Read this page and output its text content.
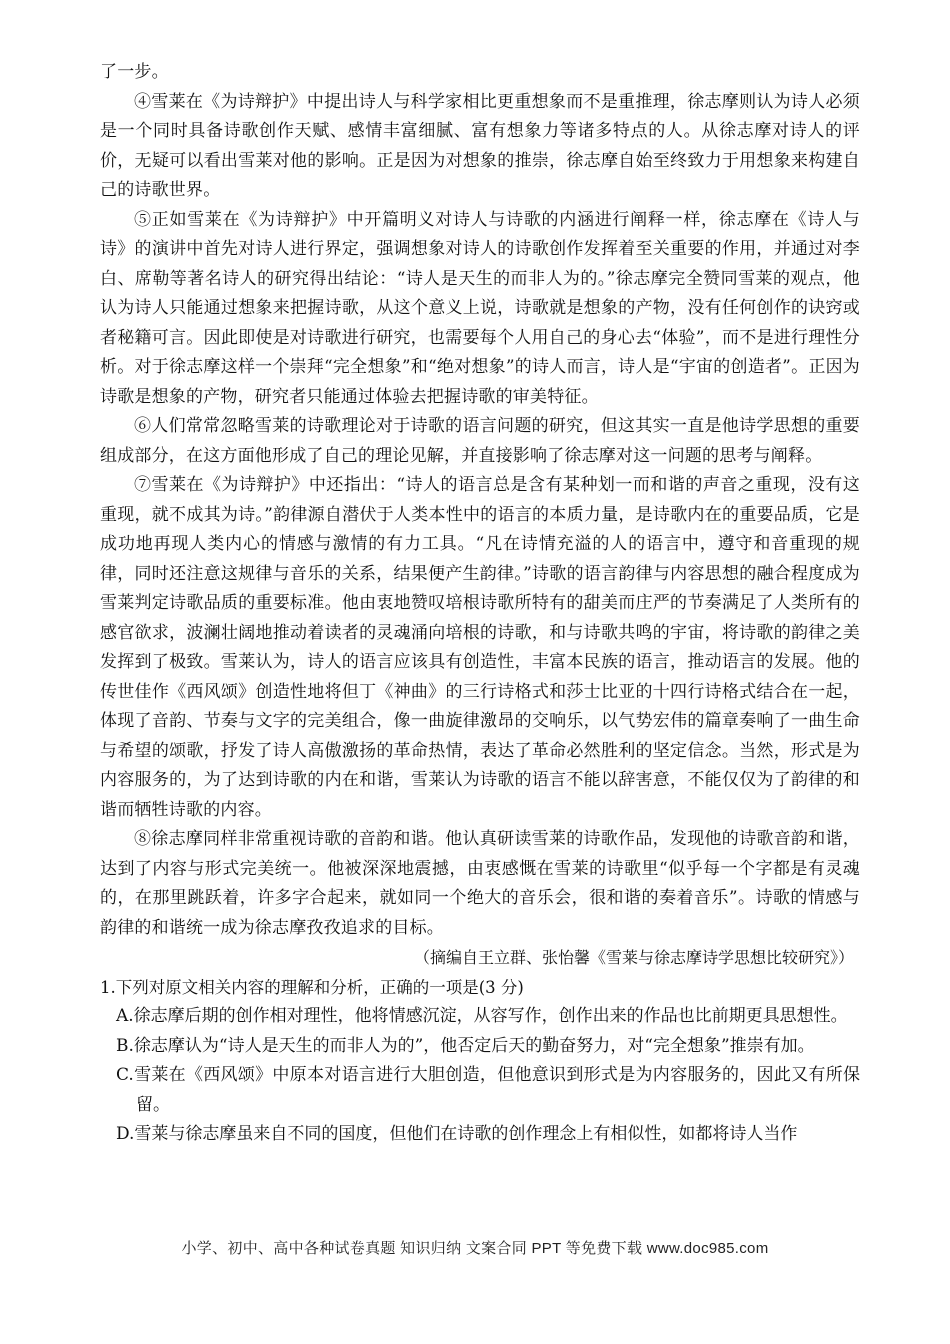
了一步。

④雪莱在《为诗辩护》中提出诗人与科学家相比更重想象而不是重推理，徐志摩则认为诗人必须是一个同时具备诗歌创作天赋、感情丰富细腻、富有想象力等诸多特点的人。从徐志摩对诗人的评价，无疑可以看出雪莱对他的影响。正是因为对想象的推崇，徐志摩自始至终致力于用想象来构建自己的诗歌世界。

⑤正如雪莱在《为诗辩护》中开篇明义对诗人与诗歌的内涵进行阐释一样，徐志摩在《诗人与诗》的演讲中首先对诗人进行界定，强调想象对诗人的诗歌创作发挥着至关重要的作用，并通过对李白、席勒等著名诗人的研究得出结论：“诗人是天生的而非人为的。”徐志摩完全赞同雪莱的观点，他认为诗人只能通过想象来把握诗歌，从这个意义上说，诗歌就是想象的产物，没有任何创作的诀窍或者秘籍可言。因此即使是对诗歌进行研究，也需要每个人用自己的身心去“体验”，而不是进行理性分析。对于徐志摩这样一个崇拜“完全想象”和“绝对想象”的诗人而言，诗人是“宇宙的创造者”。正因为诗歌是想象的产物，研究者只能通过体验去把握诗歌的审美特征。

⑥人们常常忽略雪莱的诗歌理论对于诗歌的语言问题的研究，但这其实一直是他诗学思想的重要组成部分，在这方面他形成了自己的理论见解，并直接影响了徐志摩对这一问题的思考与阐释。

⑦雪莱在《为诗辩护》中还指出：“诗人的语言总是含有某种划一而和谐的声音之重现，没有这重现，就不成其为诗。”韵律源自潜伏于人类本性中的语言的本质力量，是诗歌内在的重要品质，它是成功地再现人类内心的情感与激情的有力工具。“凡在诗情充溢的人的语言中，遵守和音重现的规律，同时还注意这规律与音乐的关系，结果便产生韵律。”诗歌的语言韵律与内容思想的融合程度成为雪莱判定诗歌品质的重要标准。他由衷地赞叹培根诗歌所特有的甜美而庄严的节奏满足了人类所有的感官欲求，波澜壮阔地推动着读者的灵魂涌向培根的诗歌，和与诗歌共鸣的宇宙，将诗歌的韵律之美发挥到了极致。雪莱认为，诗人的语言应该具有创造性，丰富本民族的语言，推动语言的发展。他的传世佳作《西风颂》创造性地将但丁《神曲》的三行诗格式和莎士比亚的十四行诗格式结合在一起，体现了音韵、节奏与文字的完美组合，像一曲旋律激昂的交响乐，以气势宏伟的篇章奏响了一曲生命与希望的颂歌，抒发了诗人高傲激扬的革命热情，表达了革命必然胜利的坚定信念。当然，形式是为内容服务的，为了达到诗歌的内在和谐，雪莱认为诗歌的语言不能以辞害意，不能仅仅为了韵律的和谐而牺牲诗歌的内容。

⑧徐志摩同样非常重视诗歌的音韵和谐。他认真研读雪莱的诗歌作品，发现他的诗歌音韵和谐，达到了内容与形式完美统一。他被深深地震撼，由衷感慨在雪莱的诗歌里“似乎每一个字都是有灵魂的，在那里跳跃着，许多字合起来，就如同一个绝大的音乐会，很和谐的奏着音乐”。诗歌的情感与韵律的和谐统一成为徐志摩孜孜追求的目标。

（摘编自王立群、张怡馨《雪莱与徐志摩诗学思想比较研究》）

1.下列对原文相关内容的理解和分析，正确的一项是(3 分)

A.徐志摩后期的创作相对理性，他将情感沉淀，从容写作，创作出来的作品也比前期更具思想性。

B.徐志摩认为“诗人是天生的而非人为的”，他否定后天的勤奋努力，对“完全想象”推崇有加。

C.雪莱在《西风颂》中原本对语言进行大胆创造，但他意识到形式是为内容服务的，因此又有所保留。

D.雪莱与徐志摩虽来自不同的国度，但他们在诗歌的创作理念上有相似性，如都将诗人当作

小学、初中、高中各种试卷真题 知识归纳 文案合同 PPT 等免费下载 www.doc985.com
